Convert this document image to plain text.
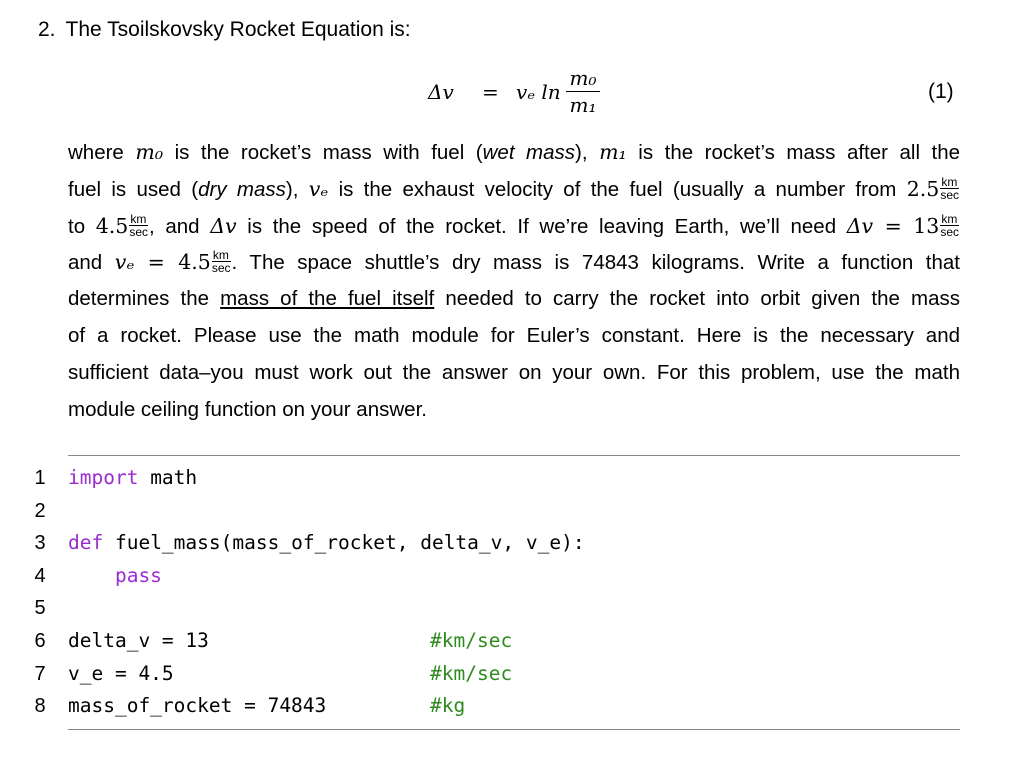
2. The Tsoilskovsky Rocket Equation is:
Δv = vₑ ln
m₀
m₁
(1)
where m₀ is the rocket’s mass with fuel (wet mass), m₁ is the rocket’s mass after all the
fuel is used (dry mass), vₑ is the exhaust velocity of the fuel (usually a number from 2.5 km
sec
to 4.5 km
sec , and Δv is the speed of the rocket. If we’re leaving Earth, we’ll need Δv = 13 km
sec
and vₑ = 4.5 km
sec . The space shuttle’s dry mass is 74843 kilograms. Write a function that
determines the mass of the fuel itself needed to carry the rocket into orbit given the mass
of a rocket. Please use the math module for Euler’s constant. Here is the necessary and
sufficient data–you must work out the answer on your own. For this problem, use the math
module ceiling function on your answer.
1 import math
2
3 def fuel_mass(mass_of_rocket, delta_v, v_e):
4 pass
5
6 delta_v = 13	#km/sec
7 v_e = 4.5	#km/sec
8 mass_of_rocket = 74843	#kg
